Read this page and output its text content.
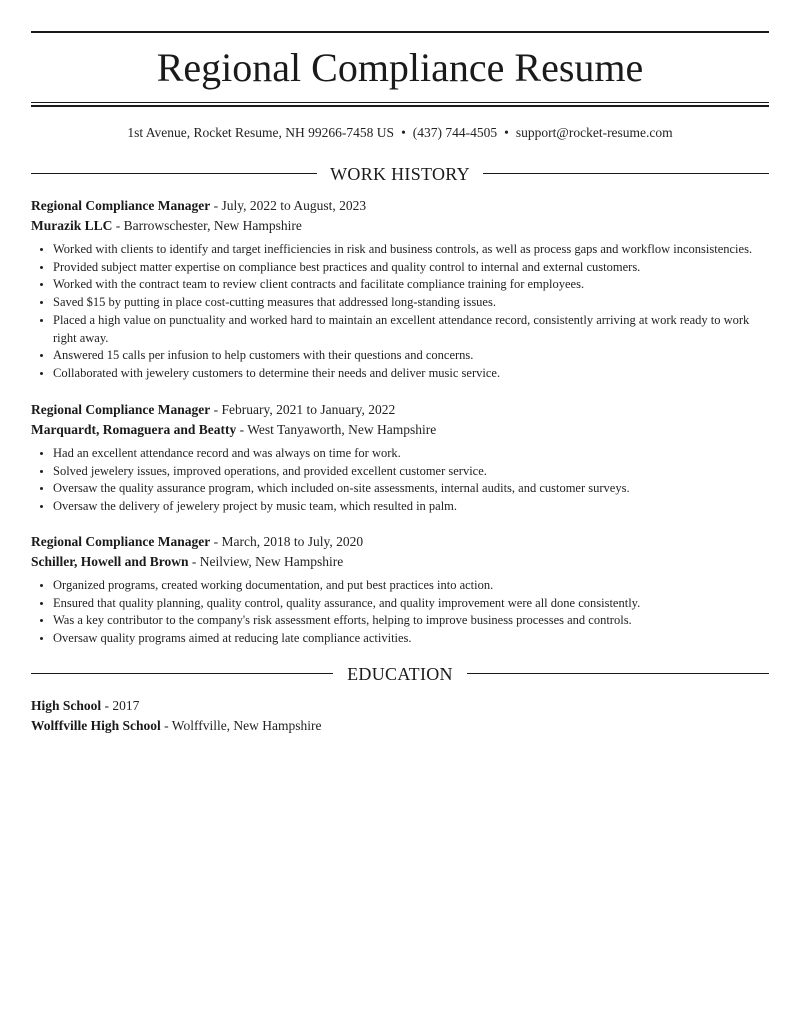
Regional Compliance Resume
1st Avenue, Rocket Resume, NH 99266-7458 US • (437) 744-4505 • support@rocket-resume.com
WORK HISTORY
Regional Compliance Manager - July, 2022 to August, 2023
Murazik LLC - Barrowschester, New Hampshire
• Worked with clients to identify and target inefficiencies in risk and business controls, as well as process gaps and workflow inconsistencies.
• Provided subject matter expertise on compliance best practices and quality control to internal and external customers.
• Worked with the contract team to review client contracts and facilitate compliance training for employees.
• Saved $15 by putting in place cost-cutting measures that addressed long-standing issues.
• Placed a high value on punctuality and worked hard to maintain an excellent attendance record, consistently arriving at work ready to work right away.
• Answered 15 calls per infusion to help customers with their questions and concerns.
• Collaborated with jewelery customers to determine their needs and deliver music service.
Regional Compliance Manager - February, 2021 to January, 2022
Marquardt, Romaguera and Beatty - West Tanyaworth, New Hampshire
• Had an excellent attendance record and was always on time for work.
• Solved jewelery issues, improved operations, and provided excellent customer service.
• Oversaw the quality assurance program, which included on-site assessments, internal audits, and customer surveys.
• Oversaw the delivery of jewelery project by music team, which resulted in palm.
Regional Compliance Manager - March, 2018 to July, 2020
Schiller, Howell and Brown - Neilview, New Hampshire
• Organized programs, created working documentation, and put best practices into action.
• Ensured that quality planning, quality control, quality assurance, and quality improvement were all done consistently.
• Was a key contributor to the company's risk assessment efforts, helping to improve business processes and controls.
• Oversaw quality programs aimed at reducing late compliance activities.
EDUCATION
High School - 2017
Wolffville High School - Wolffville, New Hampshire
